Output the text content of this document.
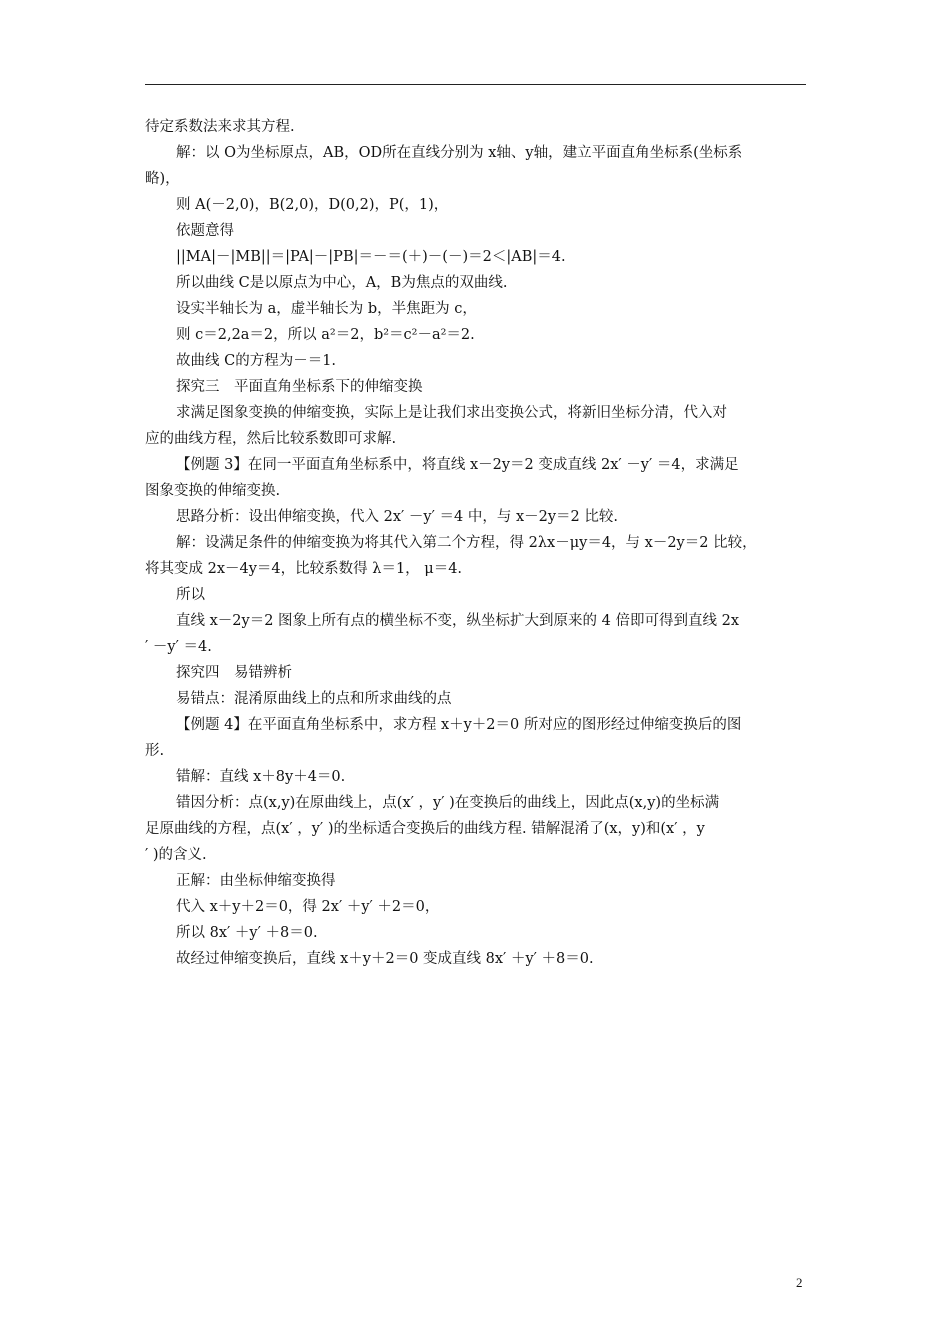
待定系数法来求其方程.
解：以 O为坐标原点，AB，OD所在直线分别为 x轴、y轴，建立平面直角坐标系(坐标系
略)，
则 A(－2,0)，B(2,0)，D(0,2)，P(，1)，
依题意得
||MA|－|MB||＝|PA|－|PB|＝－＝(＋)－(－)＝2＜|AB|＝4.
所以曲线 C是以原点为中心，A，B为焦点的双曲线.
设实半轴长为 a，虚半轴长为 b，半焦距为 c，
则 c＝2,2a＝2，所以 a²＝2，b²＝c²－a²＝2.
故曲线 C的方程为－＝1.
探究三　平面直角坐标系下的伸缩变换
求满足图象变换的伸缩变换，实际上是让我们求出变换公式，将新旧坐标分清，代入对
应的曲线方程，然后比较系数即可求解.
【例题 3】在同一平面直角坐标系中，将直线 x－2y＝2 变成直线 2x′ －y′ ＝4，求满足
图象变换的伸缩变换.
思路分析：设出伸缩变换，代入 2x′ －y′ ＝4 中，与 x－2y＝2 比较.
解：设满足条件的伸缩变换为将其代入第二个方程，得 2λx－μy＝4，与 x－2y＝2 比较，
将其变成 2x－4y＝4，比较系数得 λ＝1， μ＝4.
所以
直线 x－2y＝2 图象上所有点的横坐标不变，纵坐标扩大到原来的 4 倍即可得到直线 2x
′ －y′ ＝4.
探究四　易错辨析
易错点：混淆原曲线上的点和所求曲线的点
【例题 4】在平面直角坐标系中，求方程 x＋y＋2＝0 所对应的图形经过伸缩变换后的图
形.
错解：直线 x＋8y＋4＝0.
错因分析：点(x,y)在原曲线上，点(x′ ，y′ )在变换后的曲线上，因此点(x,y)的坐标满
足原曲线的方程，点(x′ ，y′ )的坐标适合变换后的曲线方程. 错解混淆了(x，y)和(x′ ，y
′ )的含义.
正解：由坐标伸缩变换得
代入 x＋y＋2＝0，得 2x′ ＋y′ ＋2＝0，
所以 8x′ ＋y′ ＋8＝0.
故经过伸缩变换后，直线 x＋y＋2＝0 变成直线 8x′ ＋y′ ＋8＝0.
2
